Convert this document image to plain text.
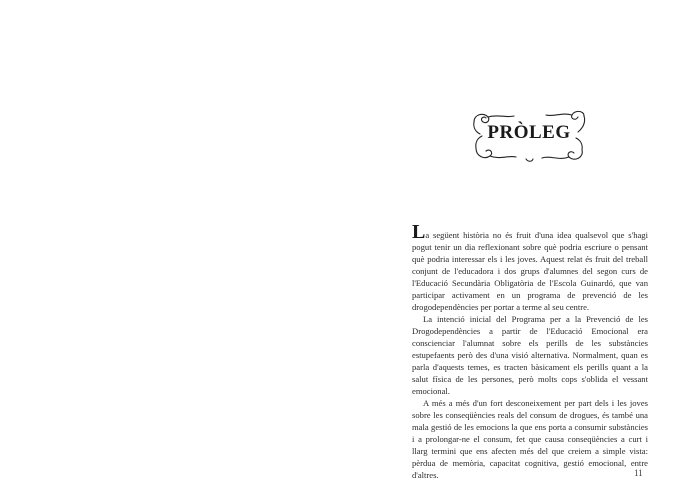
PRÒLEG

La següent història no és fruit d'una idea qualsevol que s'hagi pogut tenir un dia reflexionant sobre què podria escriure o pensant què podria interessar els i les joves. Aquest relat és fruit del treball conjunt de l'educadora i dos grups d'alumnes del segon curs de l'Educació Secundària Obligatòria de l'Escola Guinardó, que van participar activament en un programa de prevenció de les drogodependències per portar a terme al seu centre.

La intenció inicial del Programa per a la Prevenció de les Drogodependències a partir de l'Educació Emocional era conscienciar l'alumnat sobre els perills de les substàncies estupefaents però des d'una visió alternativa. Normalment, quan es parla d'aquests temes, es tracten bàsicament els perills quant a la salut física de les persones, però molts cops s'oblida el vessant emocional.

A més a més d'un fort desconeixement per part dels i les joves sobre les conseqüències reals del consum de drogues, és també una mala gestió de les emocions la que ens porta a consumir substàncies i a prolongar-ne el consum, fet que causa conseqüències a curt i llarg termini que ens afecten més del que creiem a simple vista: pèrdua de memòria, capacitat cognitiva, gestió emocional, entre d'altres.	11
